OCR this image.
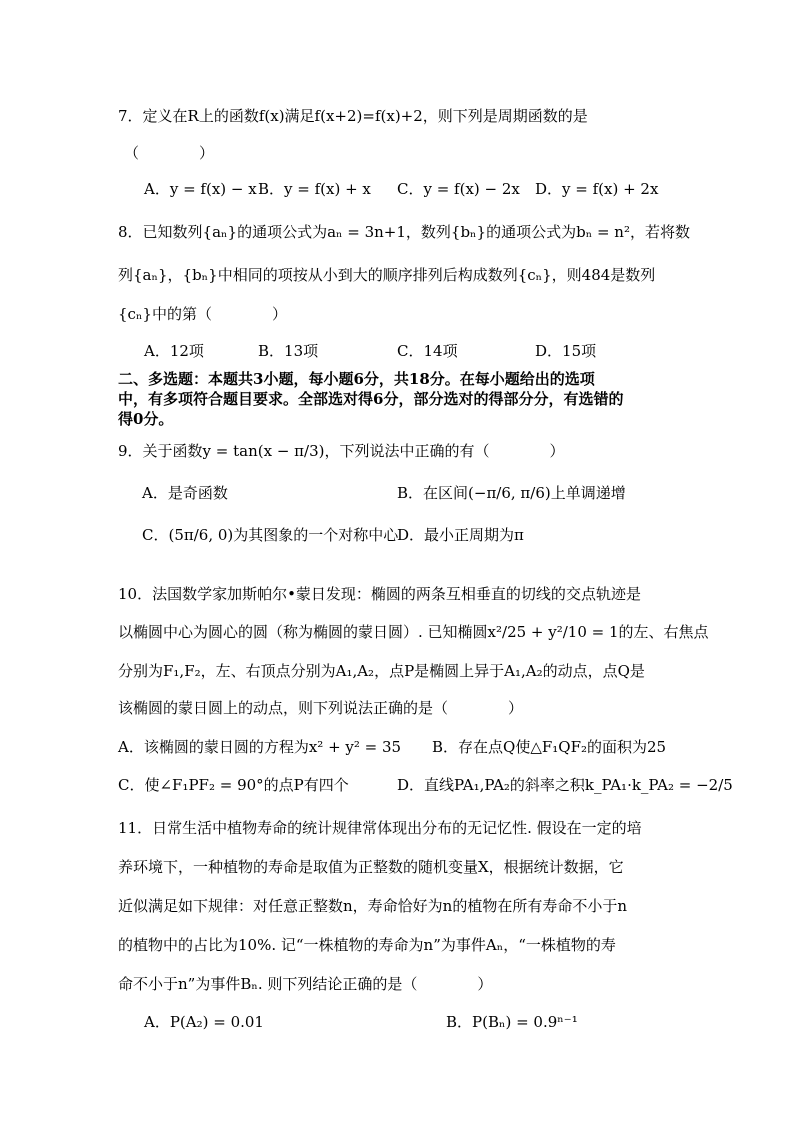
7．定义在R上的函数f(x)满足f(x+2)=f(x)+2，则下列是周期函数的是
（　　　　）
A．y = f(x) − x B．y = f(x) + x C．y = f(x) − 2x D．y = f(x) + 2x
8．已知数列{aₙ}的通项公式为aₙ = 3n+1，数列{bₙ}的通项公式为bₙ = n²，若将数
列{aₙ}，{bₙ}中相同的项按从小到大的顺序排列后构成数列{cₙ}，则484是数列
{cₙ}中的第（　　　　）
A．12项	B．13项	C．14项	D．15项
二、多选题：本题共3小题，每小题6分，共18分。在每小题给出的选项
中，有多项符合题目要求。全部选对得6分，部分选对的得部分分，有选错的
得0分。
9．关于函数y = tan(x − π/3)，下列说法中正确的有（　　　　）
A．是奇函数	B．在区间(−π/6, π/6)上单调递增
C．(5π/6, 0)为其图象的一个对称中心
D．最小正周期为π
10．法国数学家加斯帕尔•蒙日发现：椭圆的两条互相垂直的切线的交点轨迹是
以椭圆中心为圆心的圆（称为椭圆的蒙日圆）. 已知椭圆x²/25 + y²/10 = 1的左、右焦点
分别为F₁,F₂，左、右顶点分别为A₁,A₂，点P是椭圆上异于A₁,A₂的动点，点Q是
该椭圆的蒙日圆上的动点，则下列说法正确的是（　　　　）
A．该椭圆的蒙日圆的方程为x² + y² = 35 B．存在点Q使△F₁QF₂的面积为25
C．使∠F₁PF₂ = 90°的点P有四个	D．直线PA₁,PA₂的斜率之积k_PA₁·k_PA₂ = −2/5
11．日常生活中植物寿命的统计规律常体现出分布的无记忆性. 假设在一定的培
养环境下，一种植物的寿命是取值为正整数的随机变量X，根据统计数据，它
近似满足如下规律：对任意正整数n，寿命恰好为n的植物在所有寿命不小于n
的植物中的占比为10%. 记“一株植物的寿命为n”为事件Aₙ，“一株植物的寿
命不小于n”为事件Bₙ. 则下列结论正确的是（　　　　）
A．P(A₂) = 0.01	B．P(Bₙ) = 0.9ⁿ⁻¹
